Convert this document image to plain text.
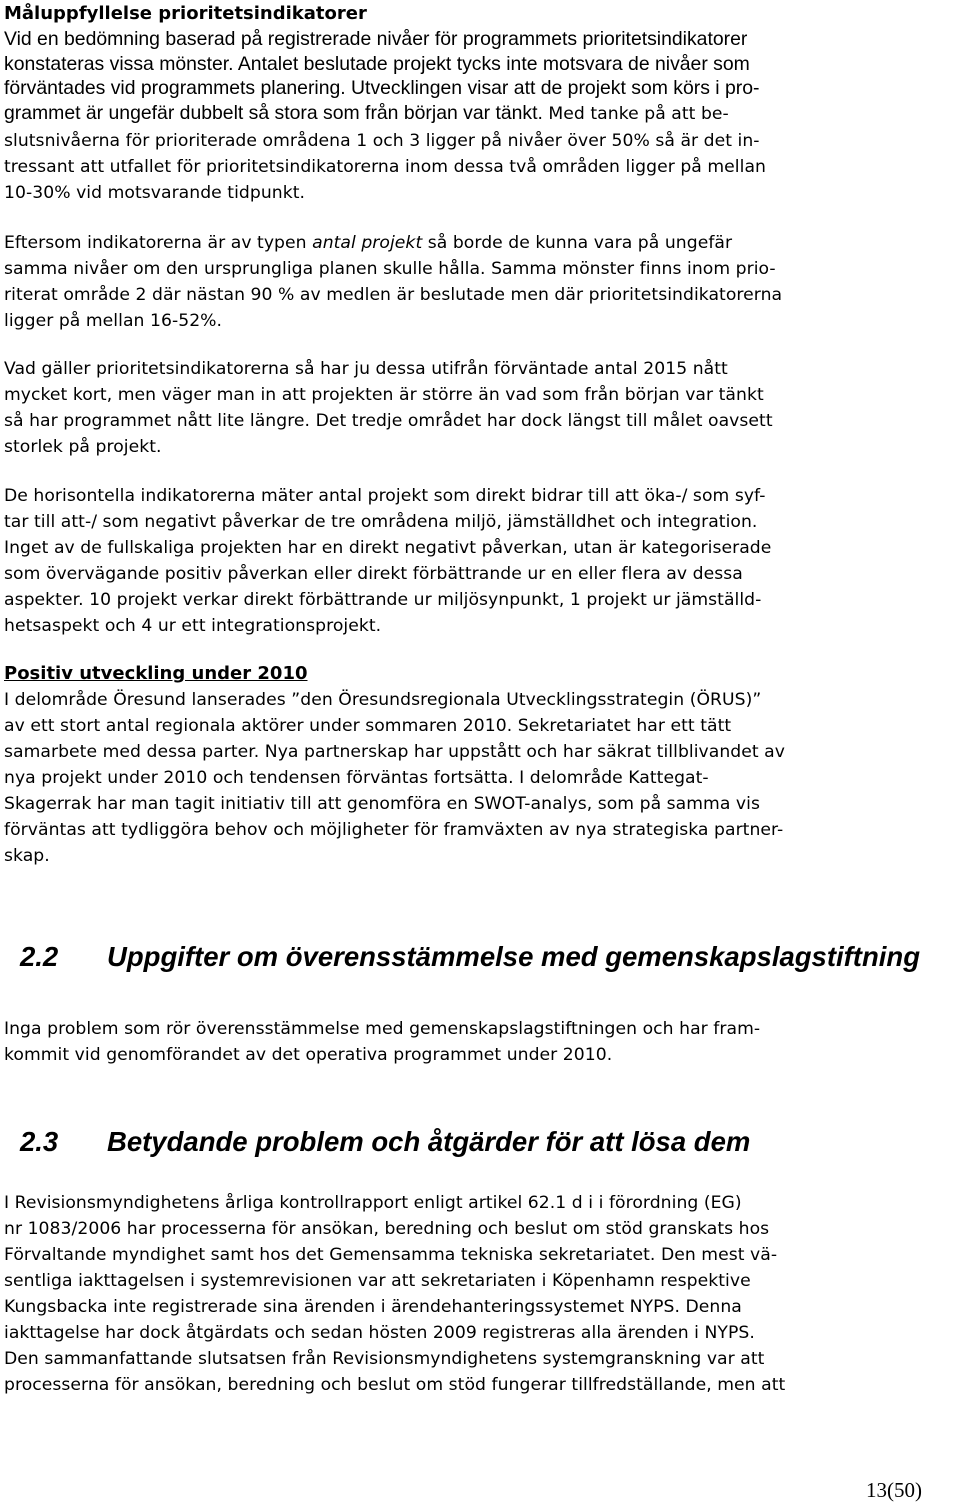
Måluppfyllelse prioritetsindikatorer
Vid en bedömning baserad på registrerade nivåer för programmets prioritetsindikatorer
konstateras vissa mönster. Antalet beslutade projekt tycks inte motsvara de nivåer som
förväntades vid programmets planering. Utvecklingen visar att de projekt som körs i pro-
grammet är ungefär dubbelt så stora som från början var tänkt. Med tanke på att be-
slutsnivåerna för prioriterade områdena 1 och 3 ligger på nivåer över 50% så är det in-
tressant att utfallet för prioritetsindikatorerna inom dessa två områden ligger på mellan
10-30% vid motsvarande tidpunkt.
Eftersom indikatorerna är av typen antal projekt så borde de kunna vara på ungefär
samma nivåer om den ursprungliga planen skulle hålla. Samma mönster finns inom prio-
riterat område 2 där nästan 90 % av medlen är beslutade men där prioritetsindikatorerna
ligger på mellan 16-52%.
Vad gäller prioritetsindikatorerna så har ju dessa utifrån förväntade antal 2015 nått
mycket kort, men väger man in att projekten är större än vad som från början var tänkt
så har programmet nått lite längre. Det tredje området har dock längst till målet oavsett
storlek på projekt.
De horisontella indikatorerna mäter antal projekt som direkt bidrar till att öka-/ som syf-
tar till att-/ som negativt påverkar de tre områdena miljö, jämställdhet och integration.
Inget av de fullskaliga projekten har en direkt negativt påverkan, utan är kategoriserade
som övervägande positiv påverkan eller direkt förbättrande ur en eller flera av dessa
aspekter. 10 projekt verkar direkt förbättrande ur miljösynpunkt, 1 projekt ur jämställd-
hetsaspekt och 4 ur ett integrationsprojekt.
Positiv utveckling under 2010
I delområde Öresund lanserades ”den Öresundsregionala Utvecklingsstrategin (ÖRUS)”
av ett stort antal regionala aktörer under sommaren 2010. Sekretariatet har ett tätt
samarbete med dessa parter. Nya partnerskap har uppstått och har säkrat tillblivandet av
nya projekt under 2010 och tendensen förväntas fortsätta. I delområde Kattegat-
Skagerrak har man tagit initiativ till att genomföra en SWOT-analys, som på samma vis
förväntas att tydliggöra behov och möjligheter för framväxten av nya strategiska partner-
skap.
2.2 Uppgifter om överensstämmelse med gemenskapslagstiftning
Inga problem som rör överensstämmelse med gemenskapslagstiftningen och har fram-
kommit vid genomförandet av det operativa programmet under 2010.
2.3 Betydande problem och åtgärder för att lösa dem
I Revisionsmyndighetens årliga kontrollrapport enligt artikel 62.1 d i i förordning (EG)
nr 1083/2006 har processerna för ansökan, beredning och beslut om stöd granskats hos
Förvaltande myndighet samt hos det Gemensamma tekniska sekretariatet. Den mest vä-
sentliga iakttagelsen i systemrevisionen var att sekretariaten i Köpenhamn respektive
Kungsbacka inte registrerade sina ärenden i ärendehanteringssystemet NYPS. Denna
iakttagelse har dock åtgärdats och sedan hösten 2009 registreras alla ärenden i NYPS.
Den sammanfattande slutsatsen från Revisionsmyndighetens systemgranskning var att
processerna för ansökan, beredning och beslut om stöd fungerar tillfredställande, men att
13(50)
